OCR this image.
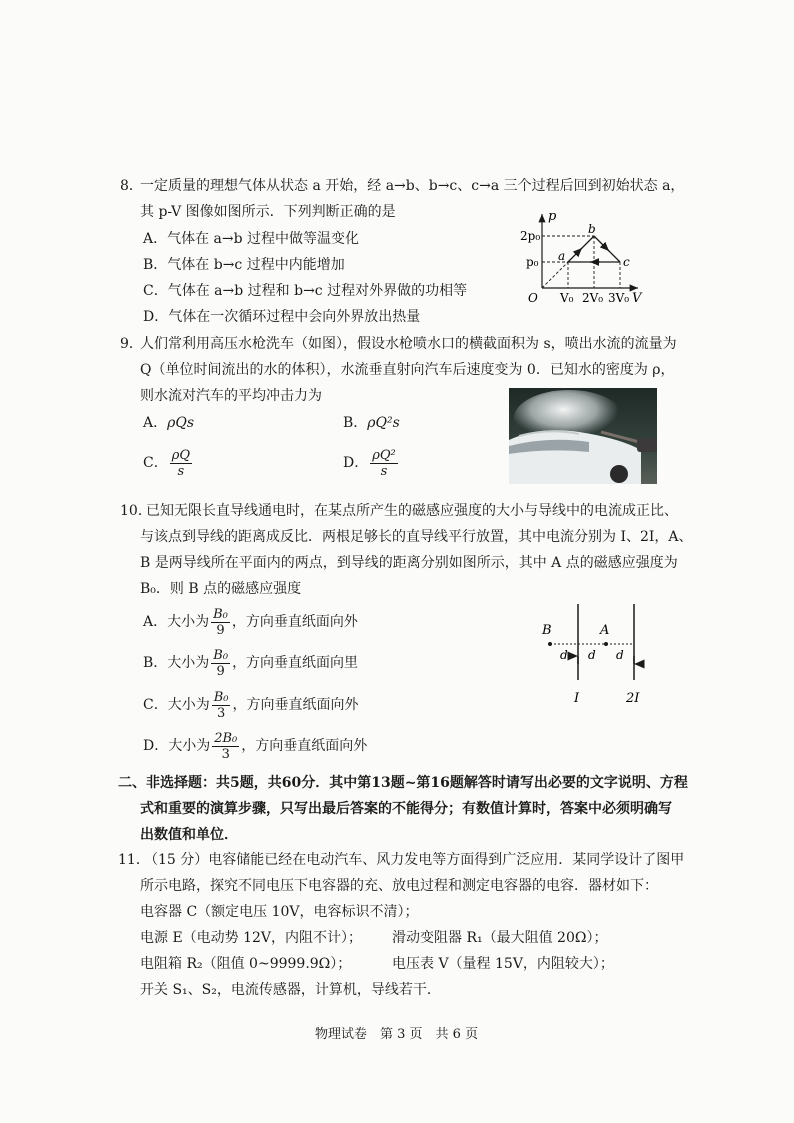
8．
一定质量的理想气体从状态 a 开始，经 a→b、b→c、c→a 三个过程后回到初始状态 a，
其 p-V 图像如图所示．下列判断正确的是
A．气体在 a→b 过程中做等温变化
B．气体在 b→c 过程中内能增加
C．气体在 a→b 过程和 b→c 过程对外界做的功相等
D．气体在一次循环过程中会向外界放出热量
p
V
O
2p₀
p₀
V₀ 2V₀ 3V₀
a
b
c
9．
人们常利用高压水枪洗车（如图），假设水枪喷水口的横截面积为 s，喷出水流的流量为
Q（单位时间流出的水的体积），水流垂直射向汽车后速度变为 0．已知水的密度为 ρ，
则水流对汽车的平均冲击力为
A．ρQs	B．ρQ²s
C． $\frac{\rho Q}{s}$	D． $\frac{\text{ρQ²}}{s}$
10．
已知无限长直导线通电时，在某点所产生的磁感应强度的大小与导线中的电流成正比、
与该点到导线的距离成反比．两根足够长的直导线平行放置，其中电流分别为 I、2I，A、
B 是两导线所在平面内的两点，到导线的距离分别如图所示，其中 A 点的磁感应强度为
B₀．则 B 点的磁感应强度
A．大小为 $\frac{\text{B₀}}{9}$ ，方向垂直纸面向外
B．大小为 $\frac{\text{B₀}}{9}$ ，方向垂直纸面向里
C．大小为 $\frac{\text{B₀}}{3}$ ，方向垂直纸面向外
D．大小为 $\frac{\text{2B₀}}{3}$ ，方向垂直纸面向外
B	A
d d d
I	2I
二、非选择题：共5题，共60分．其中第13题~第16题解答时请写出必要的文字说明、方程
式和重要的演算步骤，只写出最后答案的不能得分；有数值计算时，答案中必须明确写
出数值和单位．
11．
（15 分）电容储能已经在电动汽车、风力发电等方面得到广泛应用．某同学设计了图甲
所示电路，探究不同电压下电容器的充、放电过程和测定电容器的电容．器材如下：
电容器 C（额定电压 10V，电容标识不清）；
电源 E（电动势 12V，内阻不计）； 滑动变阻器 R₁（最大阻值 20Ω）；
电阻箱 R₂（阻值 0~9999.9Ω）；	电压表 V（量程 15V，内阻较大）；
开关 S₁、S₂，电流传感器，计算机，导线若干．
物理试卷　第 3 页　共 6 页
